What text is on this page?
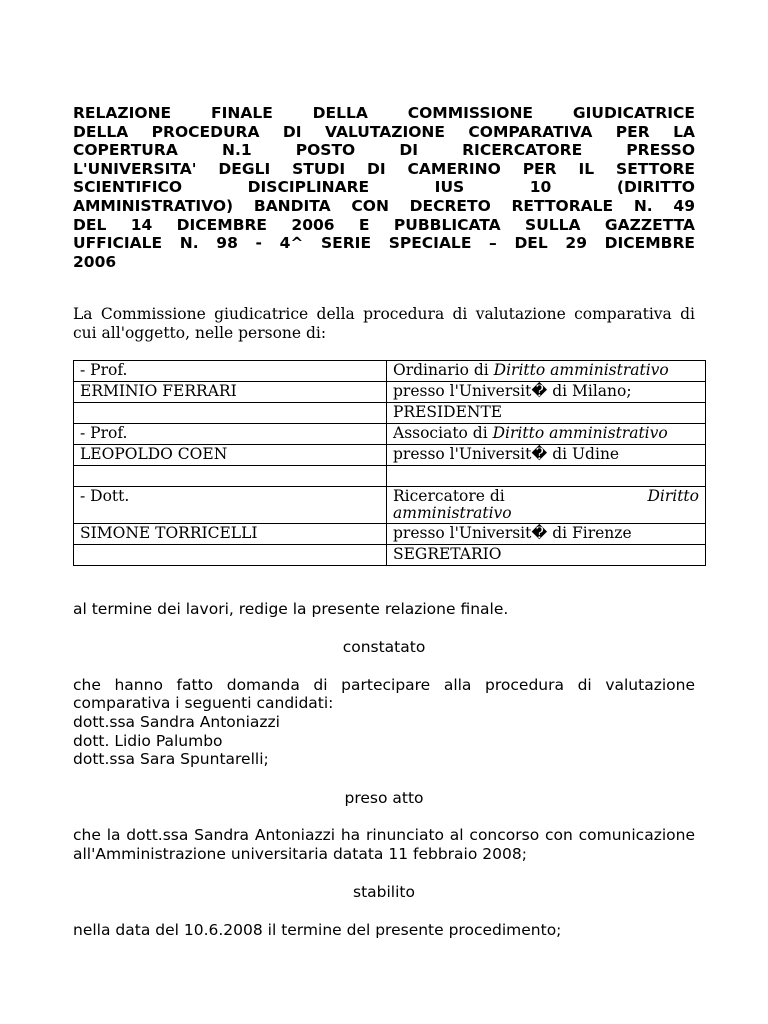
RELAZIONE FINALE DELLA COMMISSIONE GIUDICATRICE
DELLA PROCEDURA DI VALUTAZIONE COMPARATIVA PER LA
COPERTURA N.1 POSTO DI RICERCATORE PRESSO
L'UNIVERSITA' DEGLI STUDI DI CAMERINO PER IL SETTORE
SCIENTIFICO DISCIPLINARE IUS 10 (DIRITTO
AMMINISTRATIVO) BANDITA CON DECRETO RETTORALE N. 49
DEL 14 DICEMBRE 2006 E PUBBLICATA SULLA GAZZETTA
UFFICIALE N. 98 - 4^ SERIE SPECIALE – DEL 29 DICEMBRE
2006

La Commissione giudicatrice della procedura di valutazione comparativa di cui all'oggetto, nelle persone di:

- Prof.	Ordinario di Diritto amministrativo
ERMINIO FERRARI	presso l'Universit� di Milano;
	PRESIDENTE
- Prof.	Associato di Diritto amministrativo
LEOPOLDO COEN	presso l'Universit� di Udine

- Dott.	Ricercatore di Diritto
amministrativo
SIMONE TORRICELLI	presso l'Universit� di Firenze
	SEGRETARIO

al termine dei lavori, redige la presente relazione finale.

constatato

che hanno fatto domanda di partecipare alla procedura di valutazione comparativa i seguenti candidati:

dott.ssa Sandra Antoniazzi
dott. Lidio Palumbo
dott.ssa Sara Spuntarelli;

preso atto

che la dott.ssa Sandra Antoniazzi ha rinunciato al concorso con comunicazione all'Amministrazione universitaria datata 11 febbraio 2008;

stabilito

nella data del 10.6.2008 il termine del presente procedimento;
